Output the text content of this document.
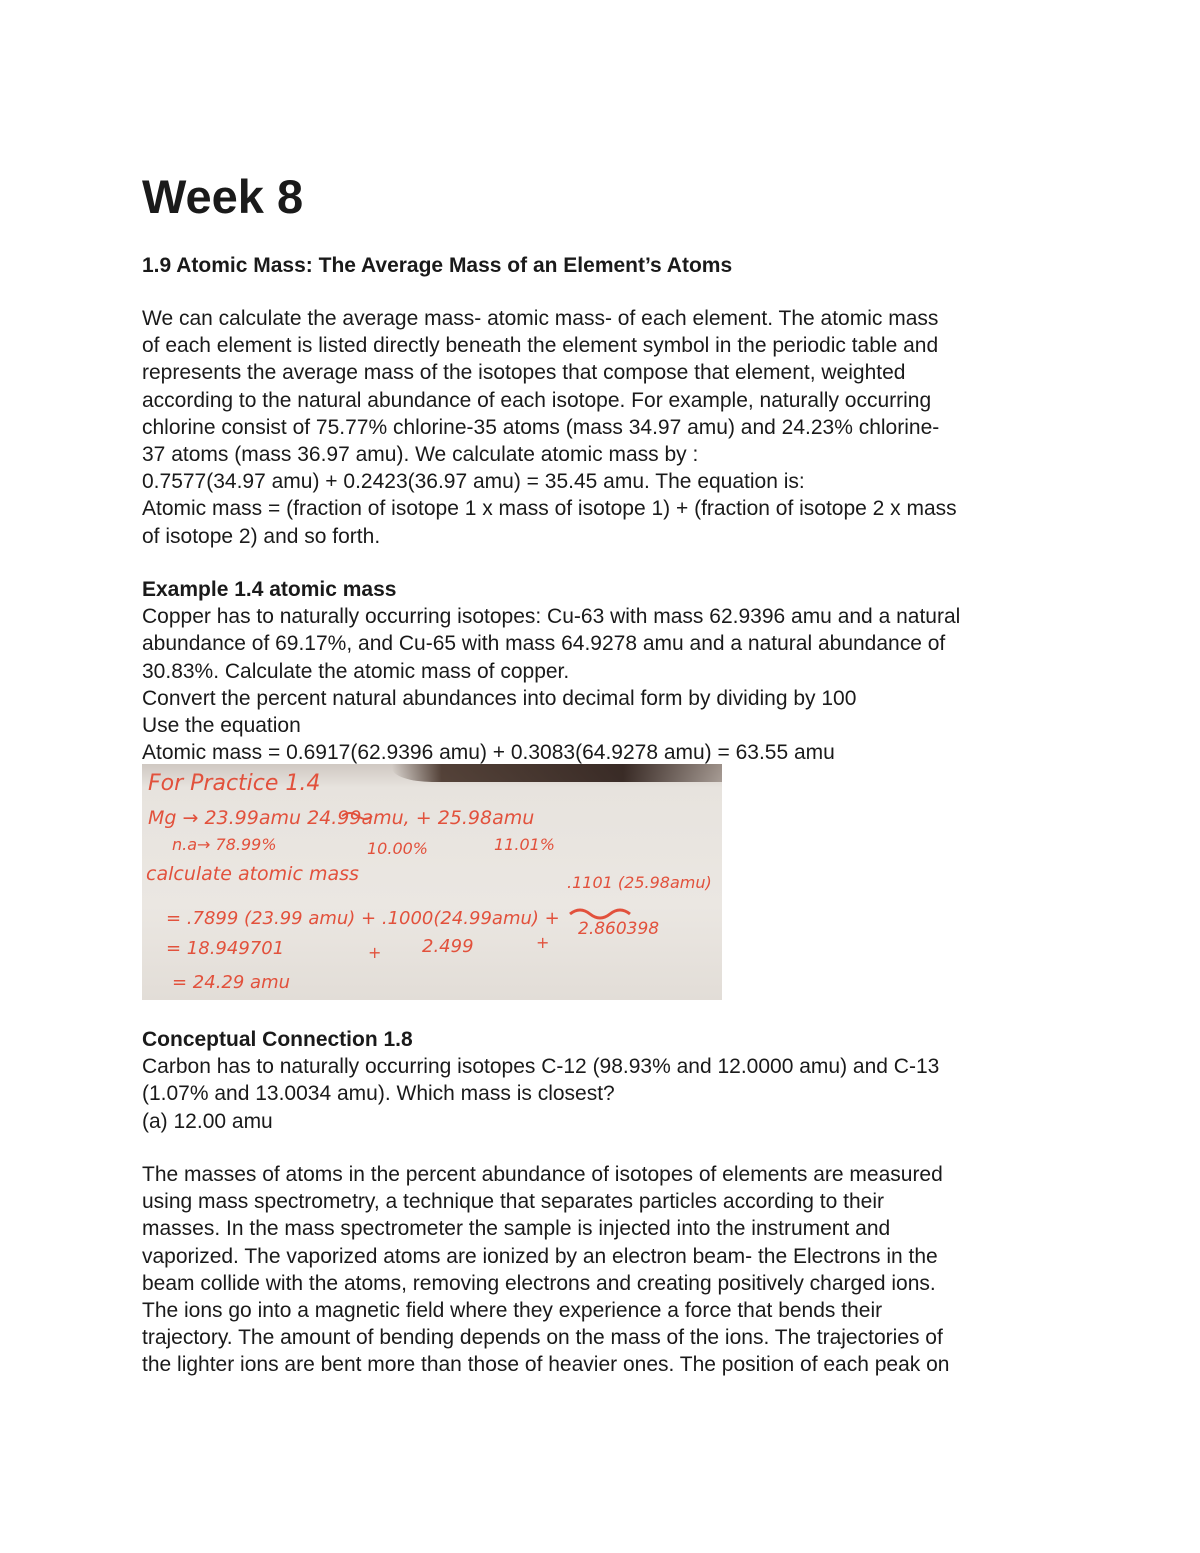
Week 8
1.9 Atomic Mass: The Average Mass of an Element’s Atoms
We can calculate the average mass- atomic mass- of each element. The atomic mass
of each element is listed directly beneath the element symbol in the periodic table and
represents the average mass of the isotopes that compose that element, weighted
according to the natural abundance of each isotope. For example, naturally occurring
chlorine consist of 75.77% chlorine-35 atoms (mass 34.97 amu) and 24.23% chlorine-
37 atoms (mass 36.97 amu). We calculate atomic mass by :
0.7577(34.97 amu) + 0.2423(36.97 amu) = 35.45 amu. The equation is:
Atomic mass = (fraction of isotope 1 x mass of isotope 1) + (fraction of isotope 2 x mass
of isotope 2) and so forth.
Example 1.4 atomic mass
Copper has to naturally occurring isotopes: Cu-63 with mass 62.9396 amu and a natural
abundance of 69.17%, and Cu-65 with mass 64.9278 amu and a natural abundance of
30.83%. Calculate the atomic mass of copper.
Convert the percent natural abundances into decimal form by dividing by 100
Use the equation
Atomic mass = 0.6917(62.9396 amu) + 0.3083(64.9278 amu) = 63.55 amu
For Practice 1.4
Mg → 23.99amu 24.99amu, + 25.98amu
n.a→ 78.99%	10.00%	11.01%
calculate atomic mass	.1101 (25.98amu)
= .7899 (23.99 amu) + .1000(24.99amu) + 2.860398
= 18.949701	+ 2.499	+
= 24.29 amu
Conceptual Connection 1.8
Carbon has to naturally occurring isotopes C-12 (98.93% and 12.0000 amu) and C-13
(1.07% and 13.0034 amu). Which mass is closest?
(a) 12.00 amu
The masses of atoms in the percent abundance of isotopes of elements are measured
using mass spectrometry, a technique that separates particles according to their
masses. In the mass spectrometer the sample is injected into the instrument and
vaporized. The vaporized atoms are ionized by an electron beam- the Electrons in the
beam collide with the atoms, removing electrons and creating positively charged ions.
The ions go into a magnetic field where they experience a force that bends their
trajectory. The amount of bending depends on the mass of the ions. The trajectories of
the lighter ions are bent more than those of heavier ones. The position of each peak on
